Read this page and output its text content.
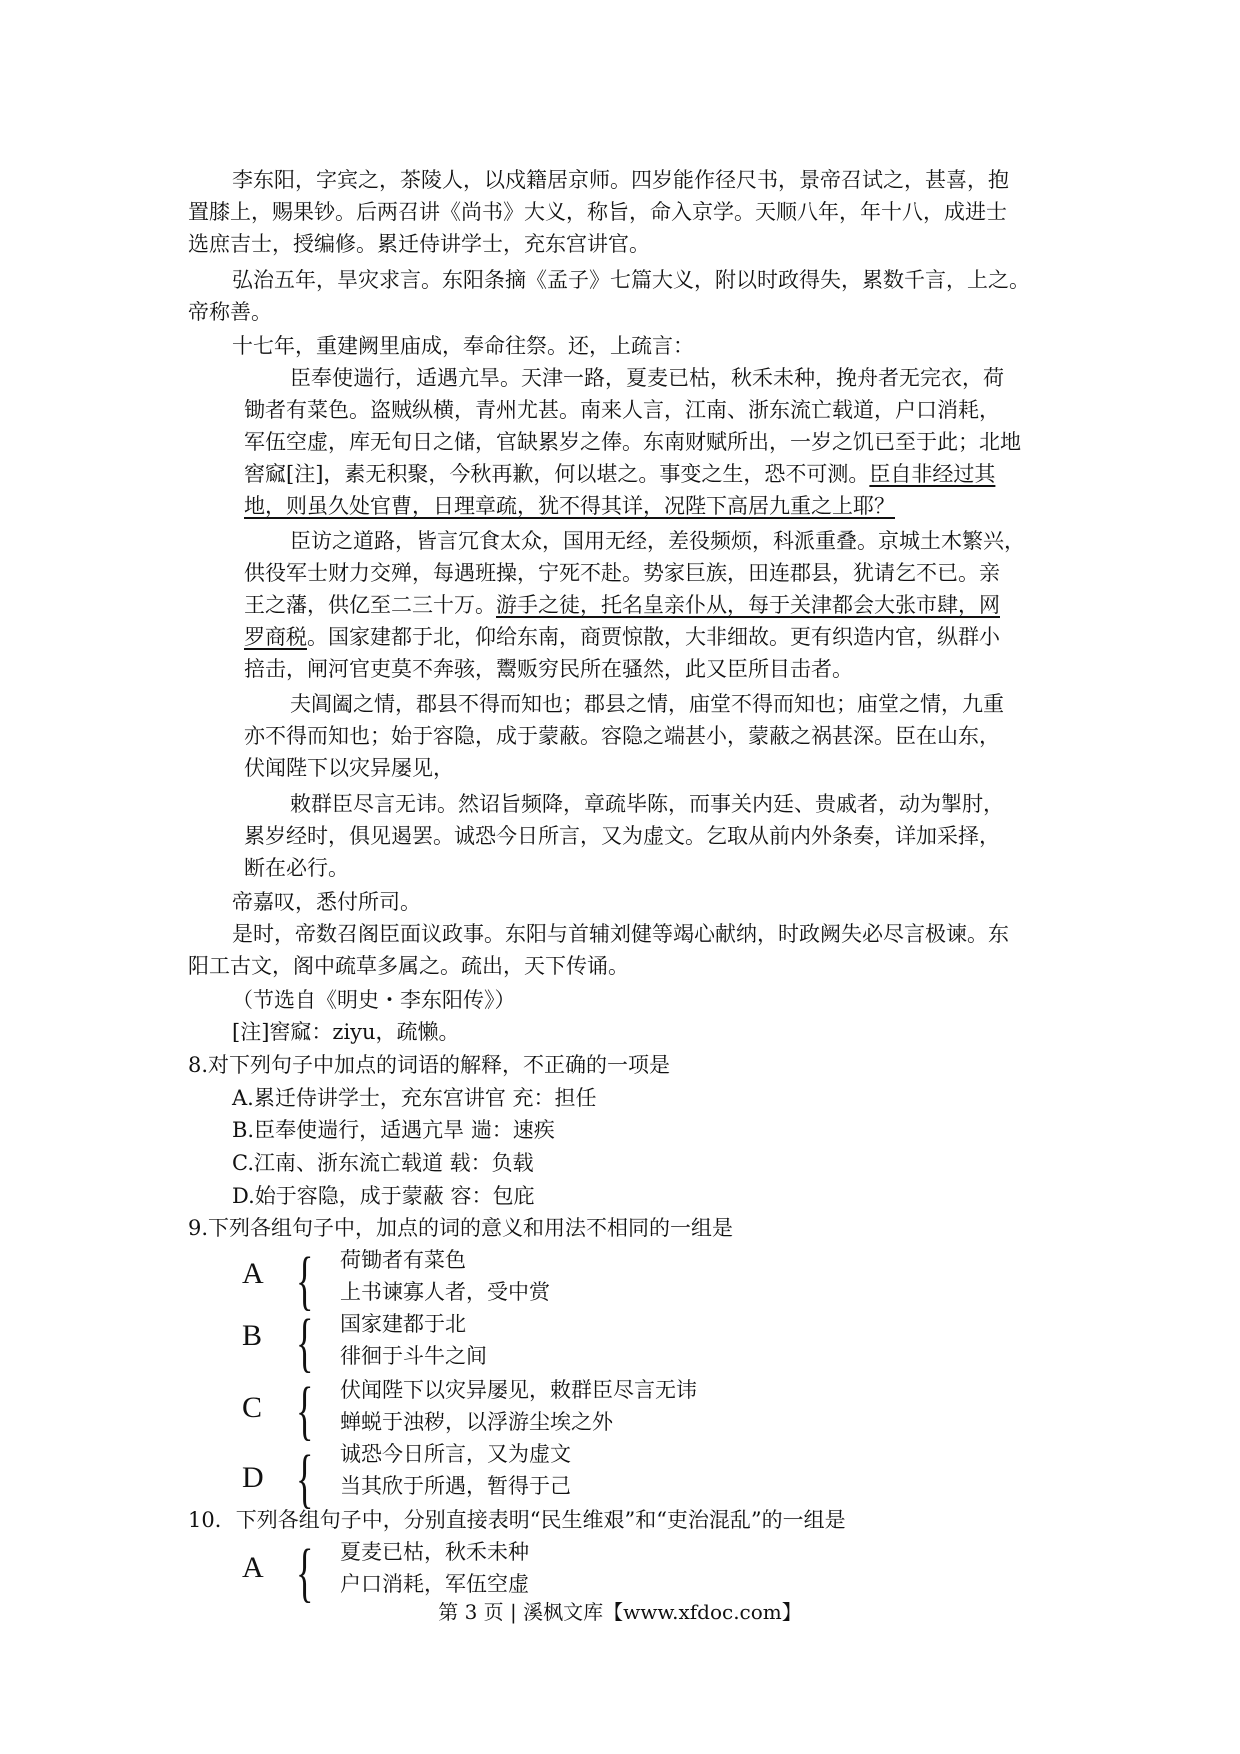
李东阳，字宾之，茶陵人，以戍籍居京师。四岁能作径尺书，景帝召试之，甚喜，抱
置膝上，赐果钞。后两召讲《尚书》大义，称旨，命入京学。天顺八年，年十八，成进士
选庶吉士，授编修。累迁侍讲学士，充东宫讲官。
弘治五年，旱灾求言。东阳条摘《孟子》七篇大义，附以时政得失，累数千言，上之。
帝称善。
十七年，重建阙里庙成，奉命往祭。还，上疏言：
臣奉使遄行，适遇亢旱。天津一路，夏麦已枯，秋禾未种，挽舟者无完衣，荷
锄者有菜色。盗贼纵横，青州尤甚。南来人言，江南、浙东流亡载道，户口消耗，
军伍空虚，库无旬日之储，官缺累岁之俸。东南财赋所出，一岁之饥已至于此；北地
窖窳[注]，素无积聚，今秋再歉，何以堪之。事变之生，恐不可测。臣自非经过其
地，则虽久处官曹，日理章疏，犹不得其详，况陛下高居九重之上耶？
臣访之道路，皆言冗食太众，国用无经，差役频烦，科派重叠。京城土木繁兴，
供役军士财力交殚，每遇班操，宁死不赴。势家巨族，田连郡县，犹请乞不已。亲
王之藩，供亿至二三十万。游手之徒，托名皇亲仆从，每于关津都会大张市肆，网
罗商税。国家建都于北，仰给东南，商贾惊散，大非细故。更有织造内官，纵群小
掊击，闸河官吏莫不奔骇，鬻贩穷民所在骚然，此又臣所目击者。
夫阊阖之情，郡县不得而知也；郡县之情，庙堂不得而知也；庙堂之情，九重
亦不得而知也；始于容隐，成于蒙蔽。容隐之端甚小，蒙蔽之祸甚深。臣在山东，
伏闻陛下以灾异屡见，
敕群臣尽言无讳。然诏旨频降，章疏毕陈，而事关内廷、贵戚者，动为掣肘，
累岁经时，俱见遏罢。诚恐今日所言，又为虚文。乞取从前内外条奏，详加采择，
断在必行。
帝嘉叹，悉付所司。
是时，帝数召阁臣面议政事。东阳与首辅刘健等竭心献纳，时政阙失必尽言极谏。东
阳工古文，阁中疏草多属之。疏出，天下传诵。
（节选自《明史・李东阳传》）
[注]窖窳：ziyu，疏懒。
8.对下列句子中加点的词语的解释，不正确的一项是
A.累迁侍讲学士，充东宫讲官 充：担任
B.臣奉使遄行，适遇亢旱 遄：速疾
C.江南、浙东流亡载道 载：负载
D.始于容隐，成于蒙蔽 容：包庇
9.下列各组句子中，加点的词的意义和用法不相同的一组是
A { 荷锄者有菜色
上书谏寡人者，受中赏
B { 国家建都于北
徘徊于斗牛之间
C { 伏闻陛下以灾异屡见，敕群臣尽言无讳
蝉蜕于浊秽，以浮游尘埃之外
D { 诚恐今日所言，又为虚文
当其欣于所遇，暂得于己
10．下列各组句子中，分别直接表明“民生维艰”和“吏治混乱”的一组是
A { 夏麦已枯，秋禾未种
户口消耗，军伍空虚
第 3 页 | 溪枫文库【www.xfdoc.com】
